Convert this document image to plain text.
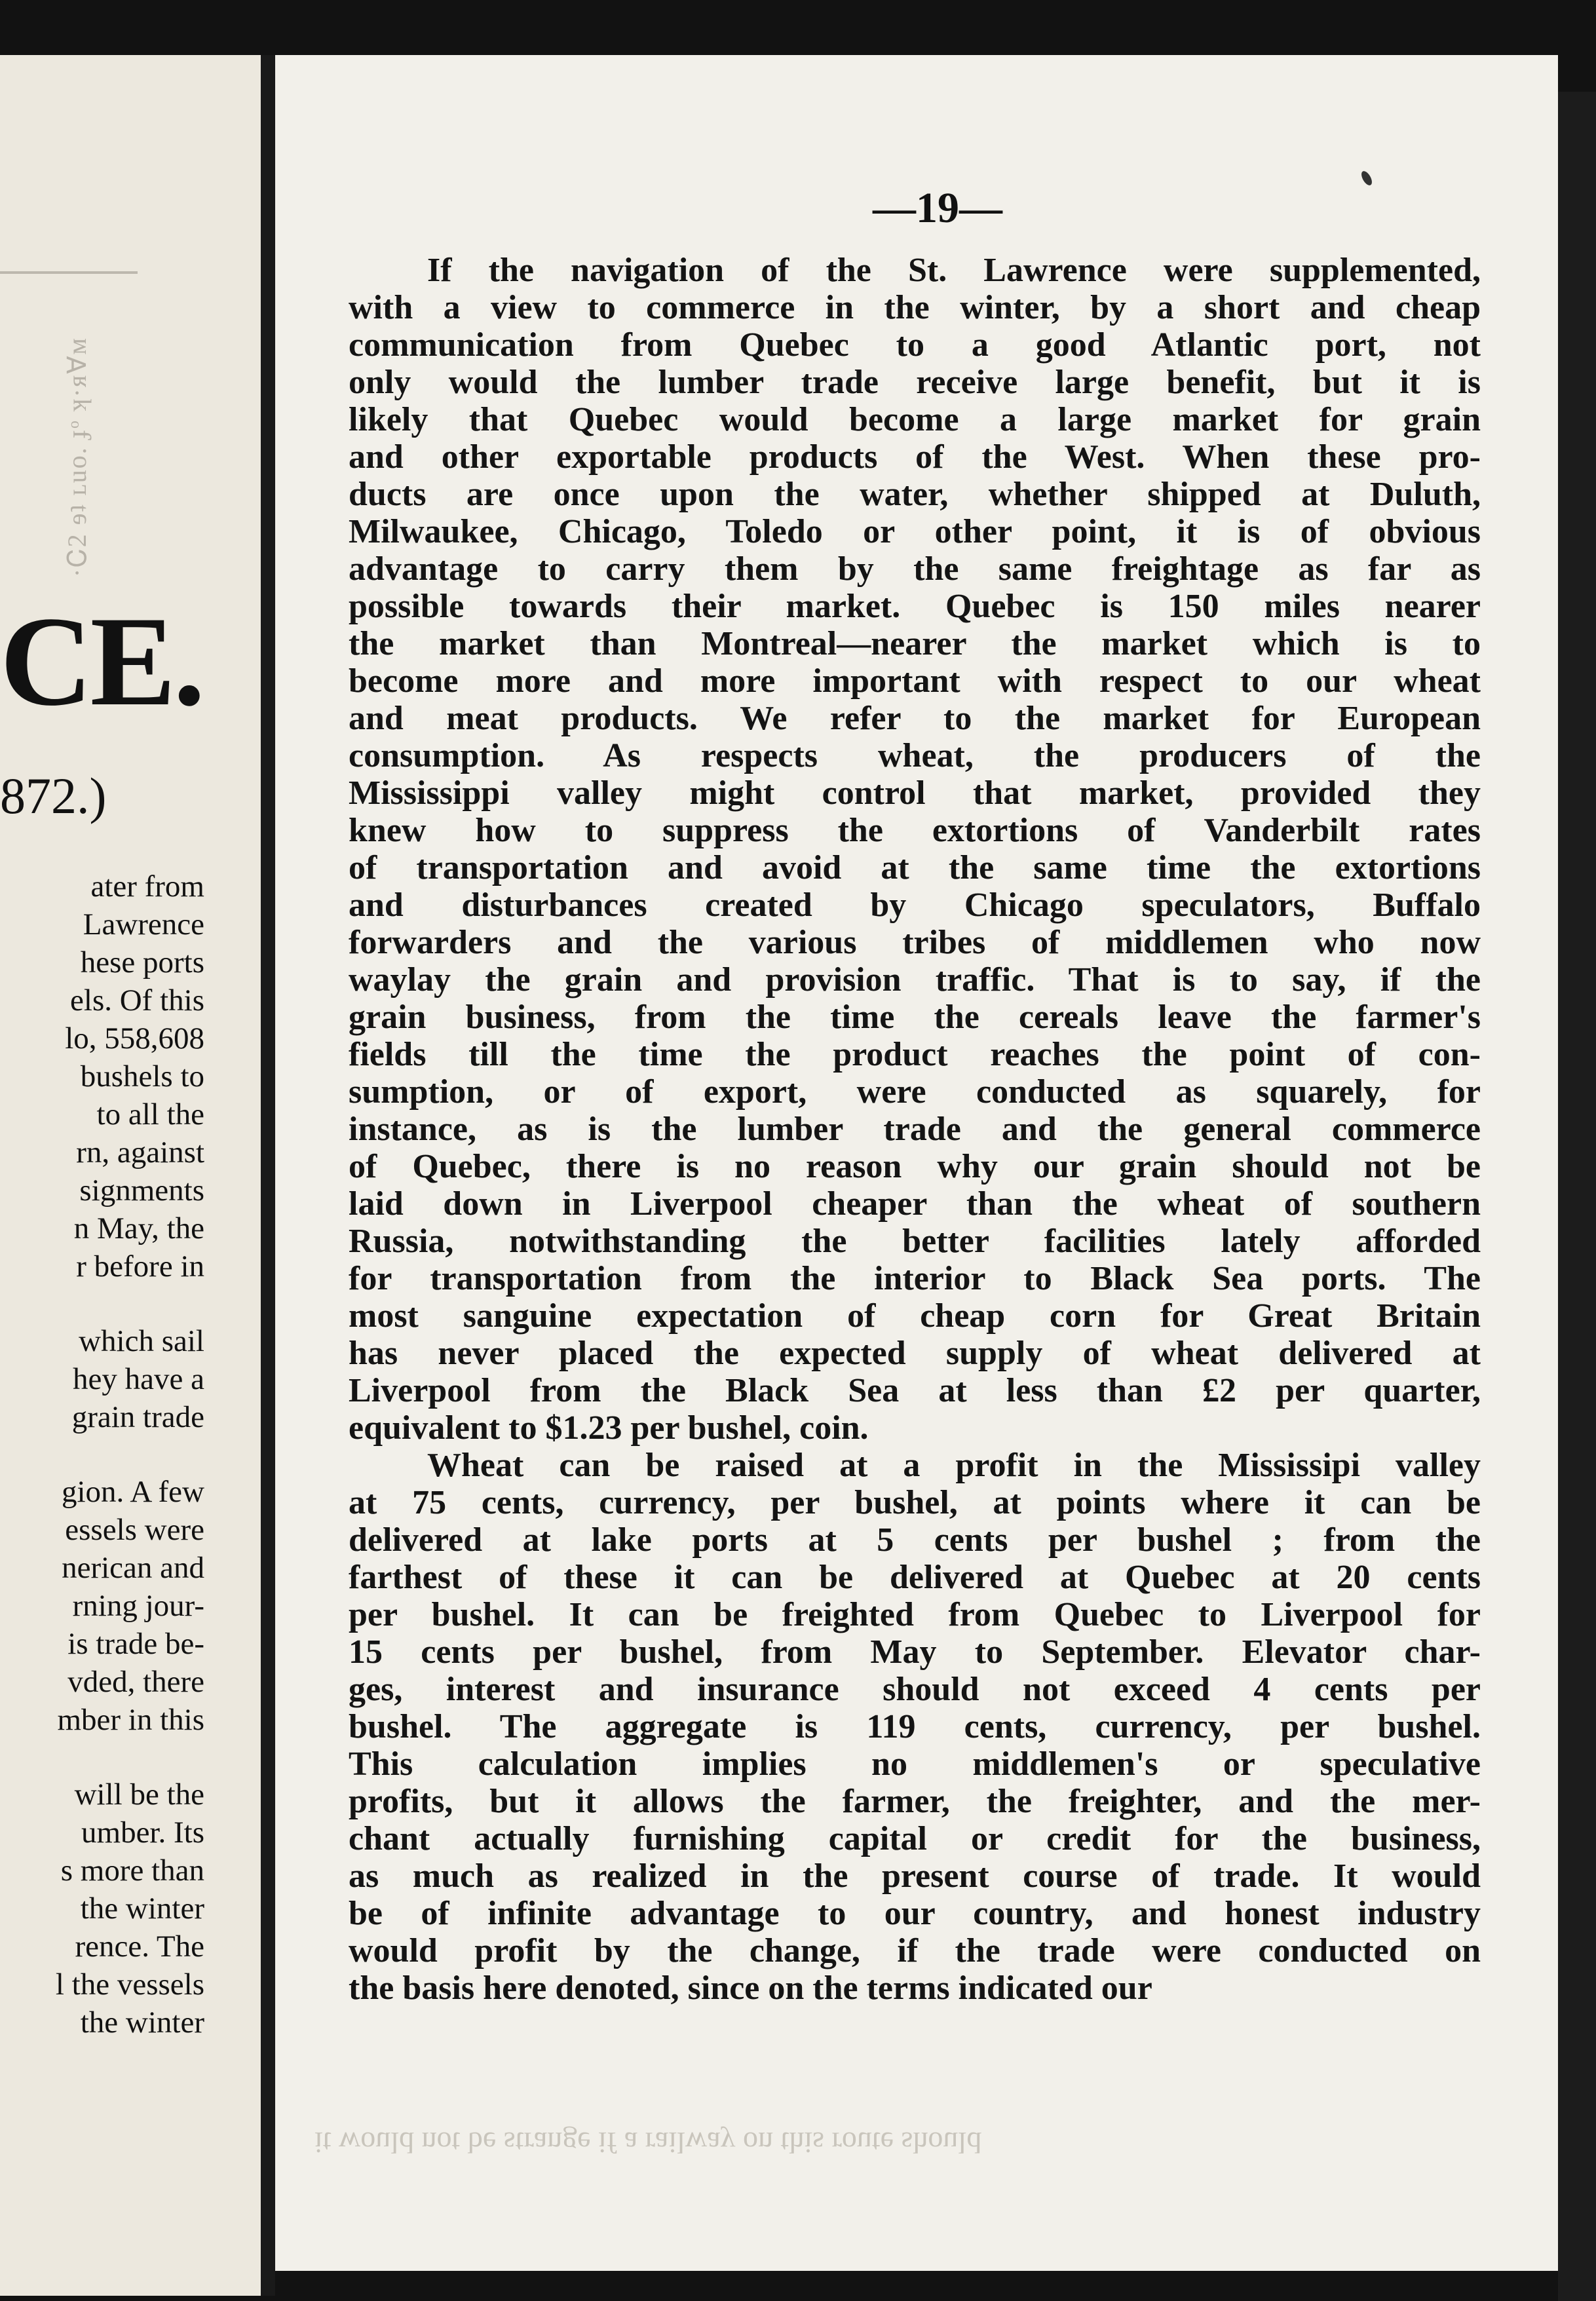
·Ꮯ2 ɘʇ ʟuo. ɟᵒ ʞ·ᴙ∀ᴍ
CE.
872.)
ater from
Lawrence
hese ports
els. Of this
lo, 558,608
bushels to
to all the
rn, against
signments
n May, the
r before in
which sail
hey have a
grain trade
gion. A few
essels were
nerican and
rning jour-
is trade be-
vded, there
mber in this
will be the
umber. Its
s more than
the winter
rence. The
l the vessels
the winter
—19—
If the navigation of the St. Lawrence were supplemented,
with a view to commerce in the winter, by a short and cheap
communication from Quebec to a good Atlantic port, not
only would the lumber trade receive large benefit, but it is
likely that Quebec would become a large market for grain
and other exportable products of the West. When these pro-
ducts are once upon the water, whether shipped at Duluth,
Milwaukee, Chicago, Toledo or other point, it is of obvious
advantage to carry them by the same freightage as far as
possible towards their market. Quebec is 150 miles nearer
the market than Montreal—nearer the market which is to
become more and more important with respect to our wheat
and meat products. We refer to the market for European
consumption. As respects wheat, the producers of the
Mississippi valley might control that market, provided they
knew how to suppress the extortions of Vanderbilt rates
of transportation and avoid at the same time the extortions
and disturbances created by Chicago speculators, Buffalo
forwarders and the various tribes of middlemen who now
waylay the grain and provision traffic. That is to say, if the
grain business, from the time the cereals leave the farmer's
fields till the time the product reaches the point of con-
sumption, or of export, were conducted as squarely, for
instance, as is the lumber trade and the general commerce
of Quebec, there is no reason why our grain should not be
laid down in Liverpool cheaper than the wheat of southern
Russia, notwithstanding the better facilities lately afforded
for transportation from the interior to Black Sea ports. The
most sanguine expectation of cheap corn for Great Britain
has never placed the expected supply of wheat delivered at
Liverpool from the Black Sea at less than £2 per quarter,
equivalent to $1.23 per bushel, coin.
Wheat can be raised at a profit in the Mississipi valley
at 75 cents, currency, per bushel, at points where it can be
delivered at lake ports at 5 cents per bushel ; from the
farthest of these it can be delivered at Quebec at 20 cents
per bushel. It can be freighted from Quebec to Liverpool for
15 cents per bushel, from May to September. Elevator char-
ges, interest and insurance should not exceed 4 cents per
bushel. The aggregate is 119 cents, currency, per bushel.
This calculation implies no middlemen's or speculative
profits, but it allows the farmer, the freighter, and the mer-
chant actually furnishing capital or credit for the business,
as much as realized in the present course of trade. It would
be of infinite advantage to our country, and honest industry
would profit by the change, if the trade were conducted on
the basis here denoted, since on the terms indicated our
it would not be strange if a railway on this route should
